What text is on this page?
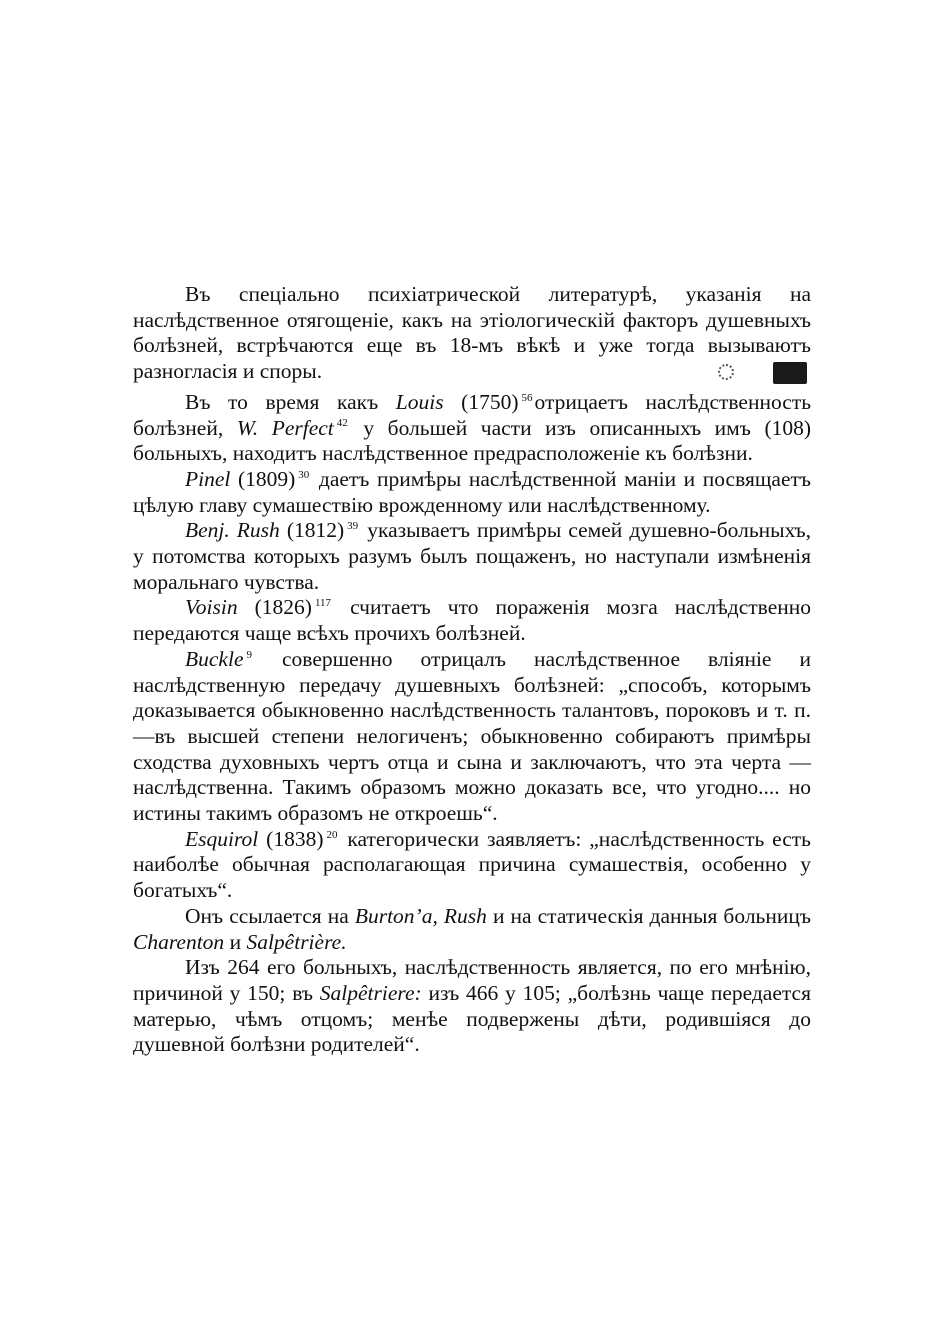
Въ спеціально психіатрической литературѣ, указанія на наслѣдственное отягощеніе, какъ на этіологическій факторъ душевныхъ болѣзней, встрѣчаются еще въ 18-мъ вѣкѣ и уже тогда вызываютъ разногласія и споры.

Въ то время какъ Louis (1750) $^{56}$отрицаетъ наслѣдственность болѣзней, W. Perfect $^{42}$ у большей части изъ описанныхъ имъ (108) больныхъ, находитъ наслѣдственное предрасположеніе къ болѣзни.

Pinel (1809) $^{30}$ даетъ примѣры наслѣдственной маніи и посвящаетъ цѣлую главу сумашествію врожденному или наслѣдственному.

Benj. Rush (1812) $^{39}$ указываетъ примѣры семей душевно-больныхъ, у потомства которыхъ разумъ былъ пощаженъ, но наступали измѣненія моральнаго чувства.

Voisin (1826) $^{117}$ считаетъ что пораженія мозга наслѣдственно передаются чаще всѣхъ прочихъ болѣзней.

Buckle $^9$ совершенно отрицалъ наслѣдственное вліяніе и наслѣдственную передачу душевныхъ болѣзней: „способъ, которымъ доказывается обыкновенно наслѣдственность талантовъ, пороковъ и т. п.—въ высшей степени нелогиченъ; обыкновенно собираютъ примѣры сходства духовныхъ чертъ отца и сына и заключаютъ, что эта черта — наслѣдственна. Такимъ образомъ можно доказать все, что угодно.... но истины такимъ образомъ не откроешь“.

Esquirol (1838) $^{20}$ категорически заявляетъ: „наслѣдственность есть наиболѣе обычная располагающая причина сумашествія, особенно у богатыхъ“.

Онъ ссылается на Burton’a, Rush и на статическія данныя больницъ Charenton и Salpêtrière.

Изъ 264 его больныхъ, наслѣдственность является, по его мнѣнію, причиной у 150; въ Salpêtriere: изъ 466 у 105; „болѣзнь чаще передается матерью, чѣмъ отцомъ; менѣе подвержены дѣти, родившіяся до душевной болѣзни родителей“.
